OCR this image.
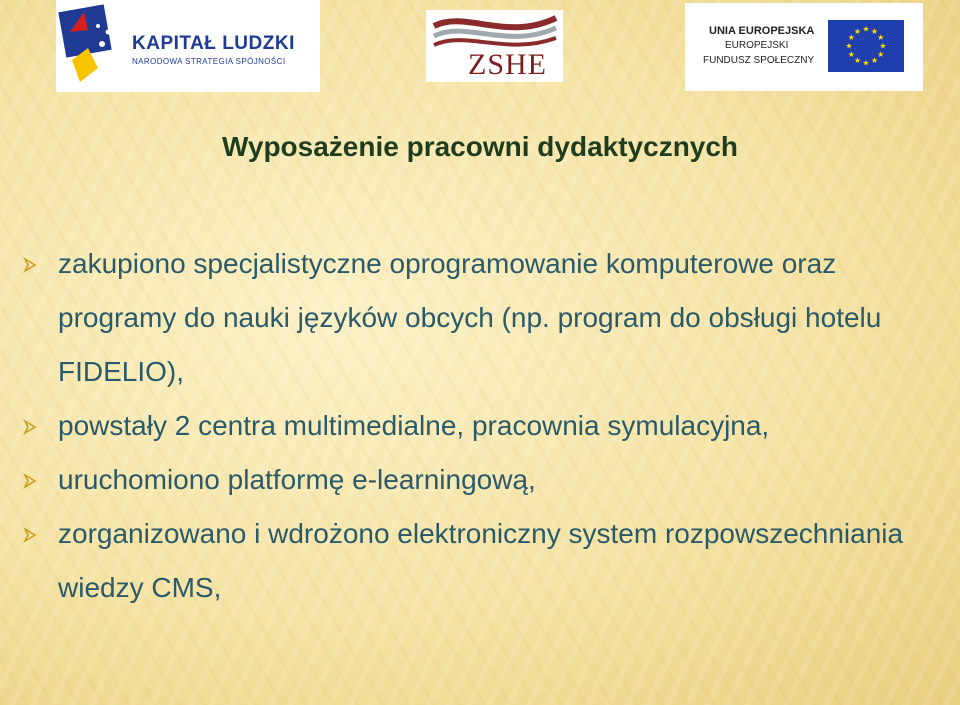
KAPITAŁ LUDZKI
NARODOWA STRATEGIA SPÓJNOŚCI	ZSHE
UNIA EUROPEJSKA
EUROPEJSKI
FUNDUSZ SPOŁECZNY
★ ★
★
★
★
★
★
★
★
★
★
★
Wyposażenie pracowni dydaktycznych
zakupiono specjalistyczne oprogramowanie komputerowe oraz programy do nauki języków obcych (np. program do obsługi hotelu FIDELIO),
powstały 2 centra multimedialne, pracownia symulacyjna,
uruchomiono platformę e-learningową,
zorganizowano i wdrożono elektroniczny system rozpowszechniania wiedzy CMS,
